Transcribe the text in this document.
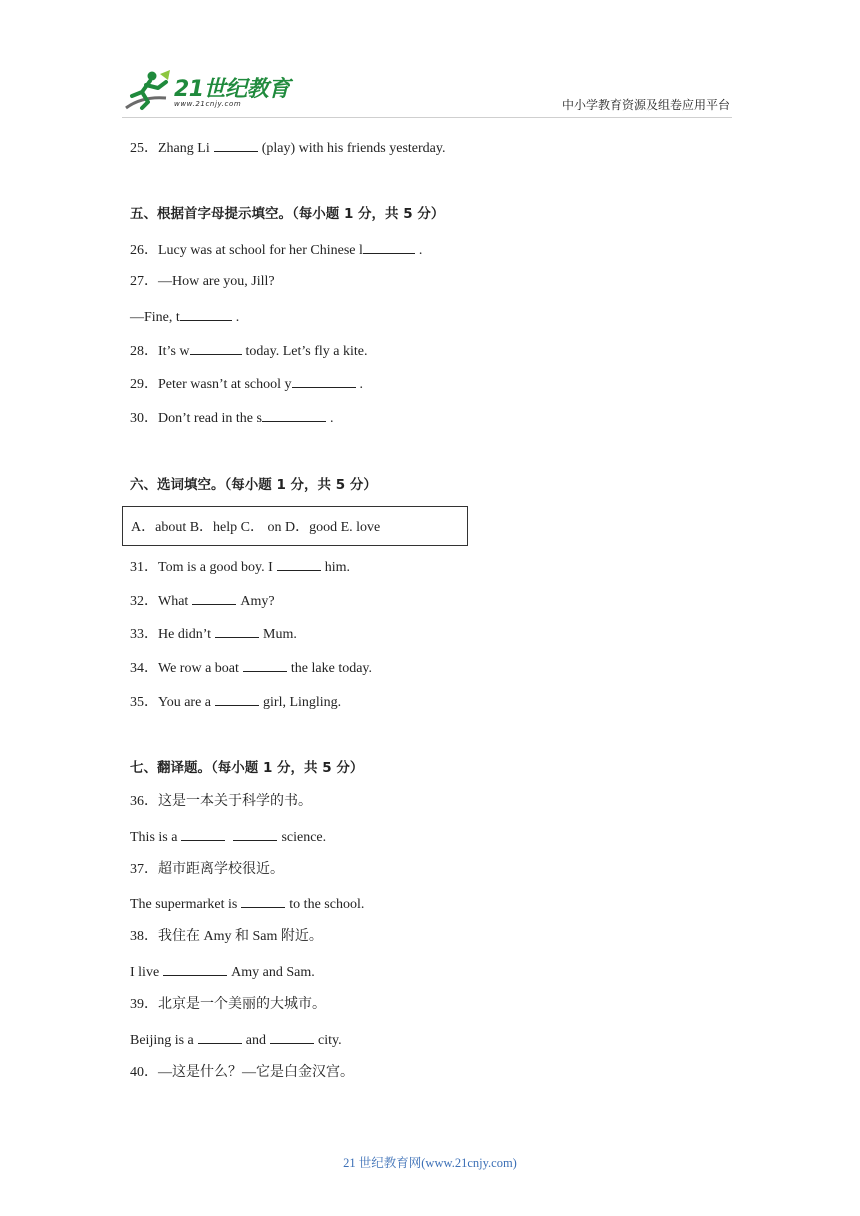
21世纪教育
www.21cnjy.com	中小学教育资源及组卷应用平台
25．Zhang Li	(play) with his friends yesterday.
五、根据首字母提示填空。（每小题 1 分，共 5 分）
26．Lucy was at school for her Chinese l	.
27．—How are you, Jill?
—Fine, t	.
28．It’s w	today. Let’s fly a kite.
29．Peter wasn’t at school y	.
30．Don’t read in the s	.
六、选词填空。（每小题 1 分，共 5 分）
A．about B．help C． on D．good E. love
31．Tom is a good boy. I	him.
32．What	Amy?
33．He didn’t	Mum.
34．We row a boat	the lake today.
35．You are a	girl, Lingling.
七、翻译题。（每小题 1 分，共 5 分）
36．这是一本关于科学的书。
This is a	science.
37．超市距离学校很近。
The supermarket is	to the school.
38．我住在 Amy 和 Sam 附近。
I live	Amy and Sam.
39．北京是一个美丽的大城市。
Beijing is a	and	city.
40．—这是什么？—它是白金汉宫。
21 世纪教育网(www.21cnjy.com)
